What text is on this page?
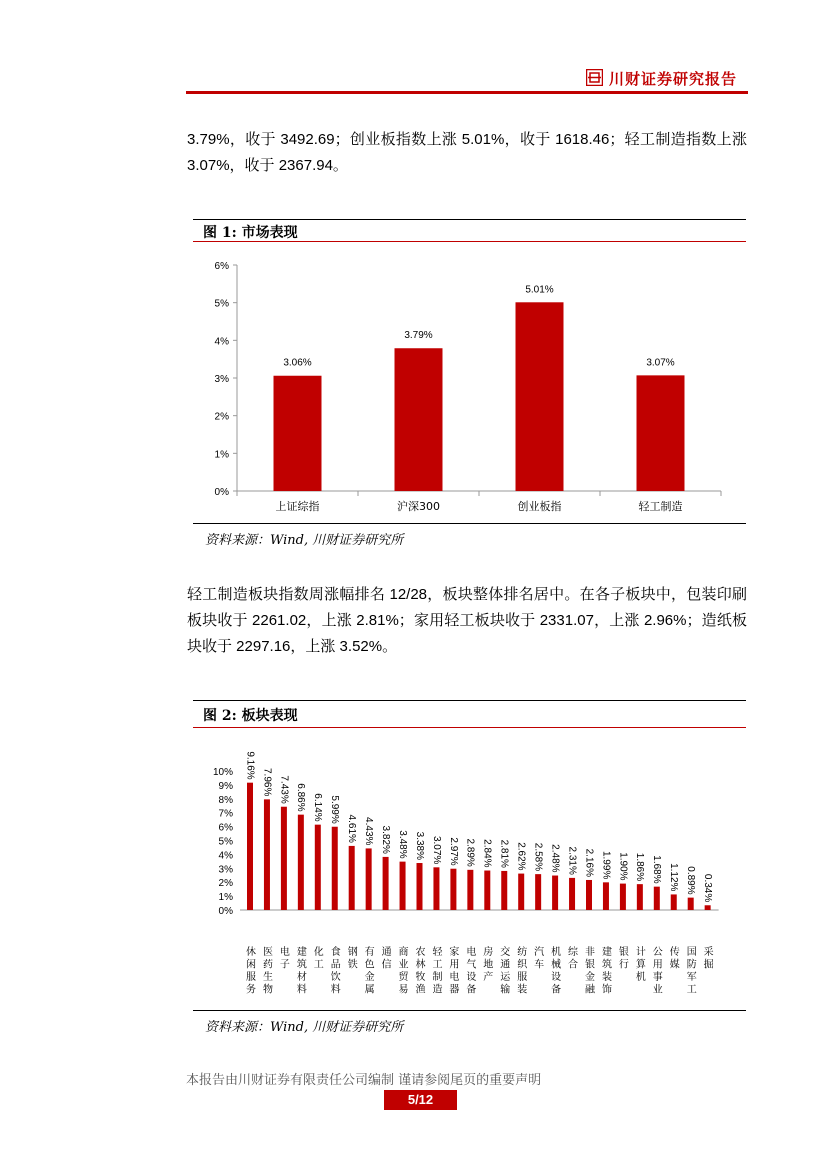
川财证券研究报告
3.79%，收于 3492.69；创业板指数上涨 5.01%，收于 1618.46；轻工制造指数上涨 3.07%，收于 2367.94。
图 1: 市场表现
0%
1%
2%
3%
4%
5%
6%
3.06%
上证综指
3.79%
沪深300
5.01%
创业板指
3.07%
轻工制造
资料来源：Wind, 川财证券研究所
轻工制造板块指数周涨幅排名 12/28，板块整体排名居中。在各子板块中，包装印刷板块收于 2261.02，上涨 2.81%；家用轻工板块收于 2331.07，上涨 2.96%；造纸板块收于 2297.16，上涨 3.52%。
图 2: 板块表现
0%
1%
2%
3%
4%
5%
6%
7%
8%
9%
10% 9.16%
休闲服务
7.96%
医药生物
7.43%
电子
6.86%
建筑材料
6.14%
化工
5.99%
食品饮料
4.61%
钢铁
4.43%
有色金属
3.82%
通信
3.48%
商业贸易
3.38%
农林牧渔
3.07%
轻工制造
2.97%
家用电器
2.89%
电气设备
2.84%
房地产
2.81%
交通运输
2.62%
纺织服装
2.58%
汽车
2.48%
机械设备
2.31%
综合
2.16%
非银金融
1.99%
建筑装饰
1.90%
银行
1.86%
计算机
1.68%
公用事业
1.12%
传媒
0.89%
国防军工
0.34%
采掘
资料来源：Wind, 川财证券研究所
本报告由川财证券有限责任公司编制 谨请参阅尾页的重要声明
5/12
